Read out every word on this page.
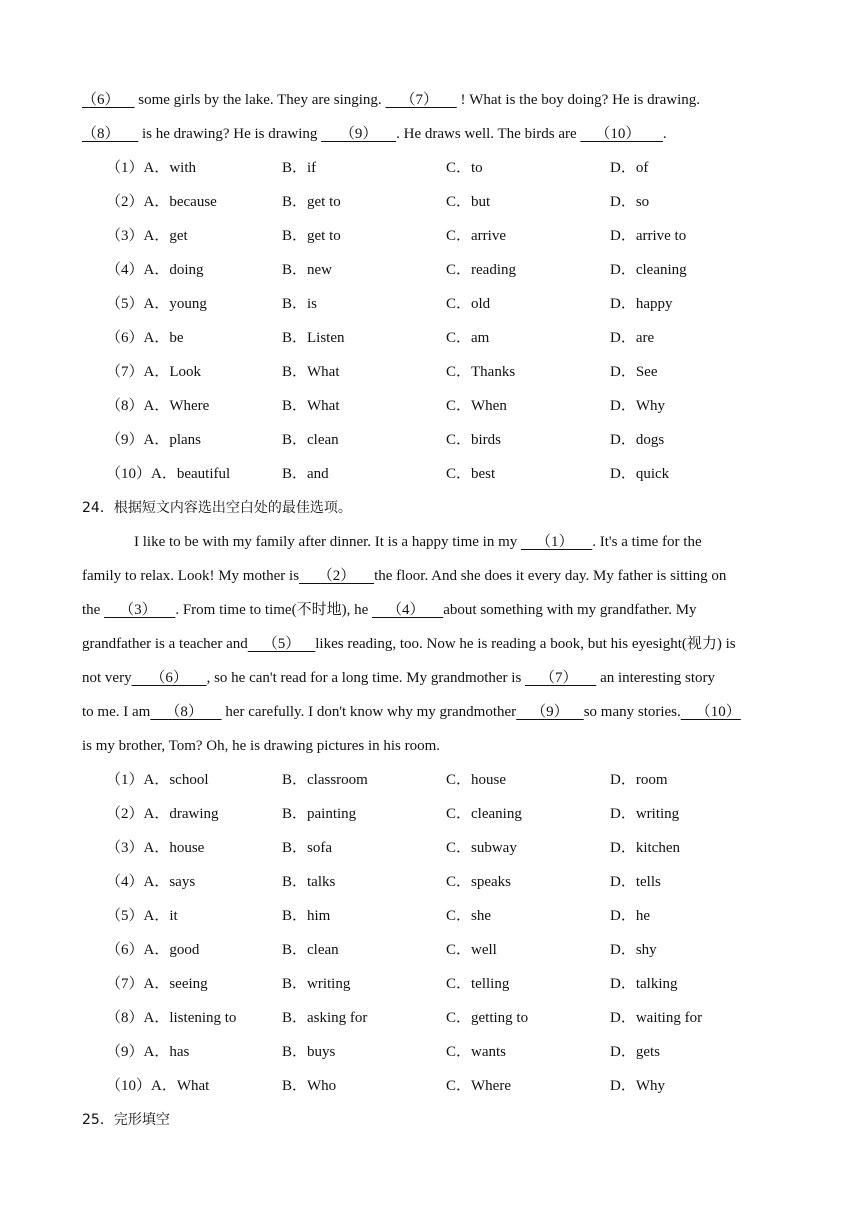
（6）     some girls by the lake. They are singing.     （7）      ! What is the boy doing? He is drawing.
（8）      is he drawing? He is drawing      （9）     . He draws well. The birds are     （10）      .
（1）A．with	B．if	C．to	D．of
（2）A．because	B．get to	C．but	D．so
（3）A．get	B．get to	C．arrive	D．arrive to
（4）A．doing	B．new	C．reading	D．cleaning
（5）A．young	B．is	C．old	D．happy
（6）A．be	B．Listen	C．am	D．are
（7）A．Look	B．What	C．Thanks	D．See
（8）A．Where	B．What	C．When	D．Why
（9）A．plans	B．clean	C．birds	D．dogs
（10）A．beautiful	B．and	C．best	D．quick
24．根据短文内容选出空白处的最佳选项。
I like to be with my family after dinner. It is a happy time in my     （1）     . It's a time for the
family to relax. Look! My mother is     （2）     the floor. And she does it every day. My father is sitting on
the     （3）     . From time to time(不时地), he     （4）     about something with my grandfather. My
grandfather is a teacher and    （5）    likes reading, too. Now he is reading a book, but his eyesight(视力) is
not very     （6）     , so he can't read for a long time. My grandmother is     （7）      an interesting story
to me. I am    （8）      her carefully. I don't know why my grandmother    （9）    so many stories.    （10）
is my brother, Tom? Oh, he is drawing pictures in his room.
（1）A．school	B．classroom	C．house	D．room
（2）A．drawing	B．painting	C．cleaning	D．writing
（3）A．house	B．sofa	C．subway	D．kitchen
（4）A．says	B．talks	C．speaks	D．tells
（5）A．it	B．him	C．she	D．he
（6）A．good	B．clean	C．well	D．shy
（7）A．seeing	B．writing	C．telling	D．talking
（8）A．listening to	B．asking for	C．getting to	D．waiting for
（9）A．has	B．buys	C．wants	D．gets
（10）A．What	B．Who	C．Where	D．Why
25．完形填空
